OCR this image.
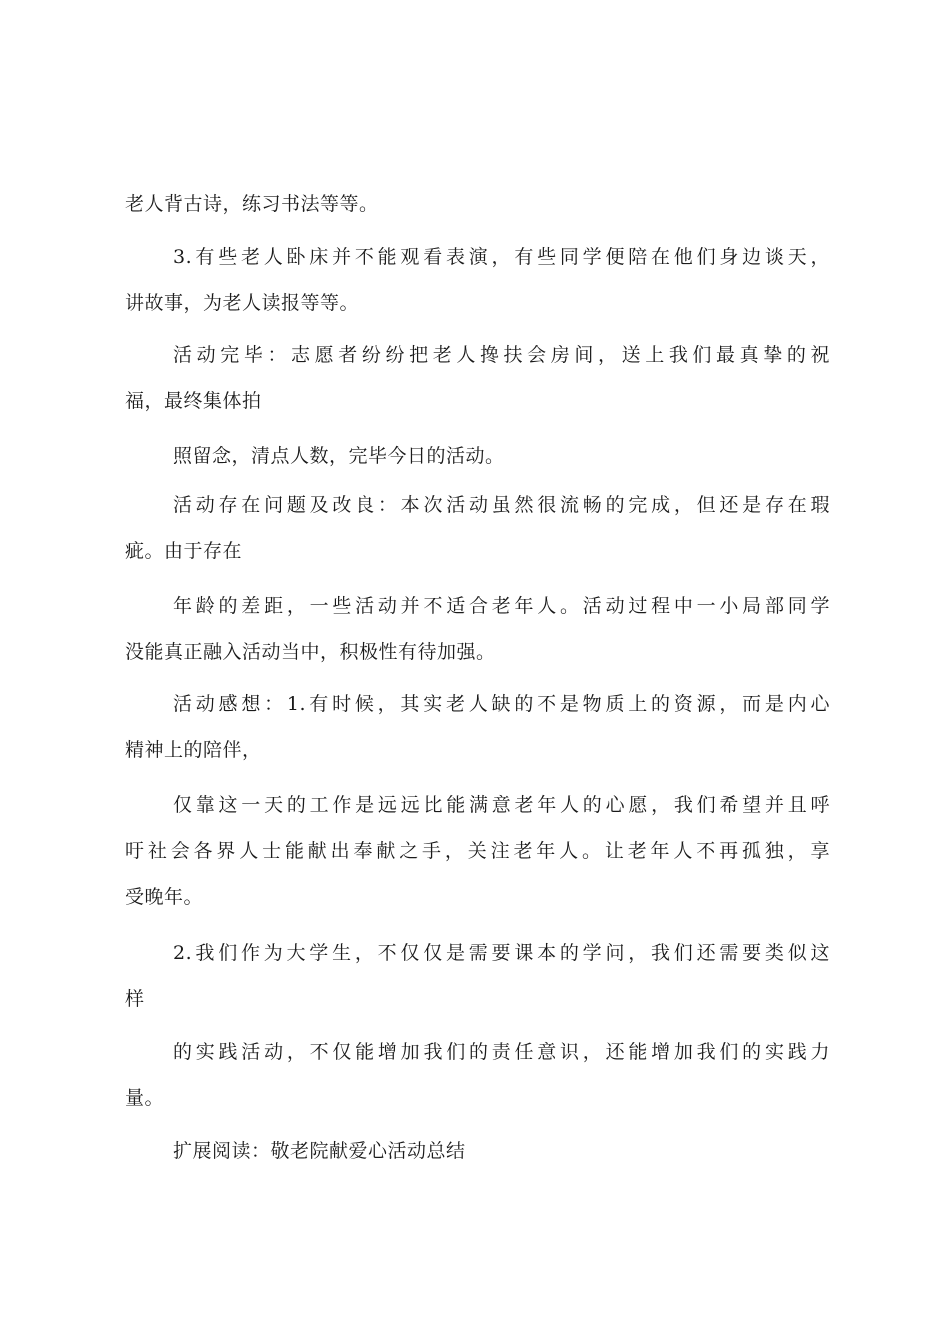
老人背古诗，练习书法等等。
3.有些老人卧床并不能观看表演，有些同学便陪在他们身边谈天，
讲故事，为老人读报等等。
活动完毕：志愿者纷纷把老人搀扶会房间，送上我们最真挚的祝
福，最终集体拍
照留念，清点人数，完毕今日的活动。
活动存在问题及改良：本次活动虽然很流畅的完成，但还是存在瑕
疵。由于存在
年龄的差距，一些活动并不适合老年人。活动过程中一小局部同学
没能真正融入活动当中，积极性有待加强。
活动感想：1.有时候，其实老人缺的不是物质上的资源，而是内心
精神上的陪伴，
仅靠这一天的工作是远远比能满意老年人的心愿，我们希望并且呼
吁社会各界人士能献出奉献之手，关注老年人。让老年人不再孤独，享
受晚年。
2.我们作为大学生，不仅仅是需要课本的学问，我们还需要类似这
样
的实践活动，不仅能增加我们的责任意识，还能增加我们的实践力
量。
扩展阅读：敬老院献爱心活动总结
